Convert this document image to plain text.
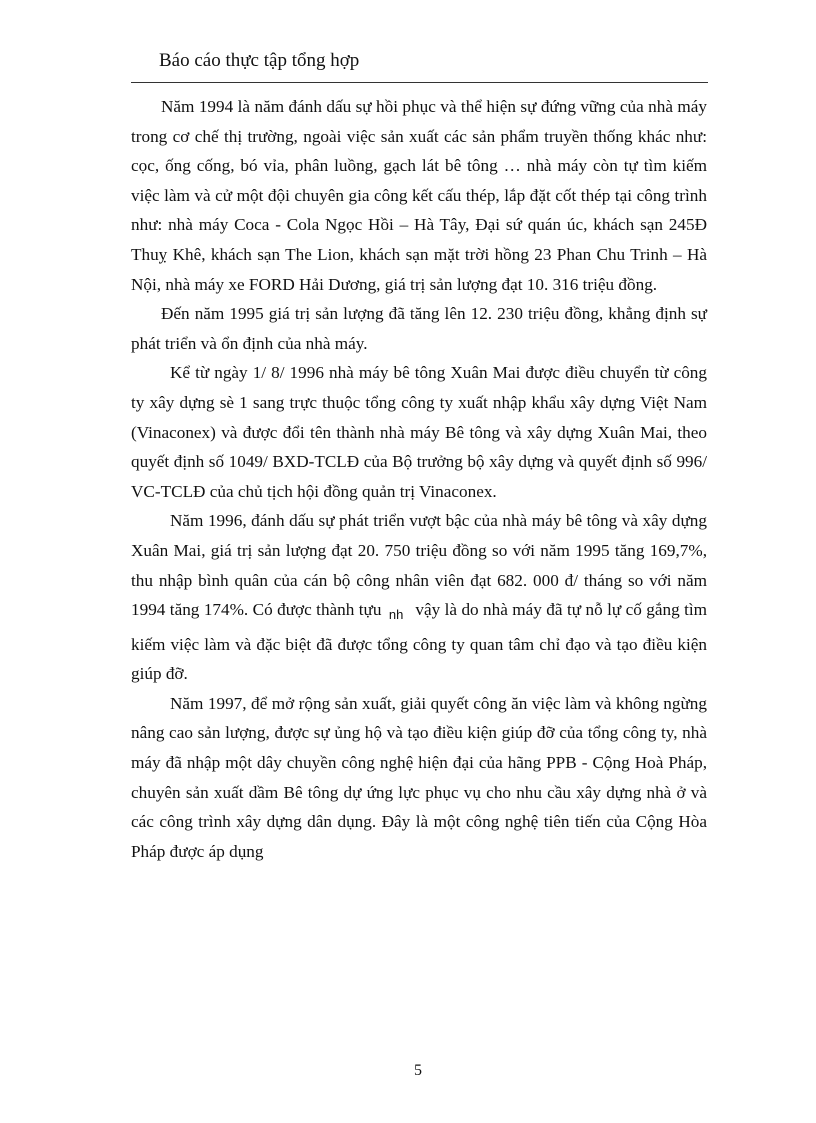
Báo cáo thực tập tổng hợp

Năm 1994 là năm đánh dấu sự hồi phục và thể hiện sự đứng vững của nhà máy trong cơ chế thị trường, ngoài việc sản xuất các sản phẩm truyền thống khác như: cọc, ống cống, bó vỉa, phân luồng, gạch lát bê tông … nhà máy còn tự tìm kiếm việc làm và cử một đội chuyên gia công kết cấu thép, lắp đặt cốt thép tại công trình như: nhà máy Coca - Cola Ngọc Hồi – Hà Tây, Đại sứ quán úc, khách sạn 245Đ Thuỵ Khê, khách sạn The Lion, khách sạn mặt trời hồng 23 Phan Chu Trinh – Hà Nội, nhà máy xe FORD Hải Dương, giá trị sản lượng đạt 10. 316 triệu đồng.

Đến năm 1995 giá trị sản lượng đã tăng lên 12. 230 triệu đồng, khẳng định sự phát triển và ổn định của nhà máy.

Kể từ ngày 1/ 8/ 1996 nhà máy bê tông Xuân Mai được điều chuyển từ công ty xây dựng sè 1 sang trực thuộc tổng công ty xuất nhập khẩu xây dựng Việt Nam (Vinaconex) và được đổi tên thành nhà máy Bê tông và xây dựng Xuân Mai, theo quyết định số 1049/ BXD-TCLĐ của Bộ trưởng bộ xây dựng và quyết định số 996/ VC-TCLĐ của chủ tịch hội đồng quản trị Vinaconex.

Năm 1996, đánh dấu sự phát triển vượt bậc của nhà máy bê tông và xây dựng Xuân Mai, giá trị sản lượng đạt 20. 750 triệu đồng so với năm 1995 tăng 169,7%, thu nhập bình quân của cán bộ công nhân viên đạt 682. 000 đ/ tháng so với năm 1994 tăng 174%. Có được thành tựu $_{nh}$ vậy là do nhà máy đã tự nỗ lự cố gắng tìm kiếm việc làm và đặc biệt đã được tổng công ty quan tâm chỉ đạo và tạo điều kiện giúp đỡ.

Năm 1997, để mở rộng sản xuất, giải quyết công ăn việc làm và không ngừng nâng cao sản lượng, được sự ủng hộ và tạo điều kiện giúp đỡ của tổng công ty, nhà máy đã nhập một dây chuyền công nghệ hiện đại của hãng PPB - Cộng Hoà Pháp, chuyên sản xuất dầm Bê tông dự ứng lực phục vụ cho nhu cầu xây dựng nhà ở và các công trình xây dựng dân dụng. Đây là một công nghệ tiên tiến của Cộng Hòa Pháp được áp dụng

5
